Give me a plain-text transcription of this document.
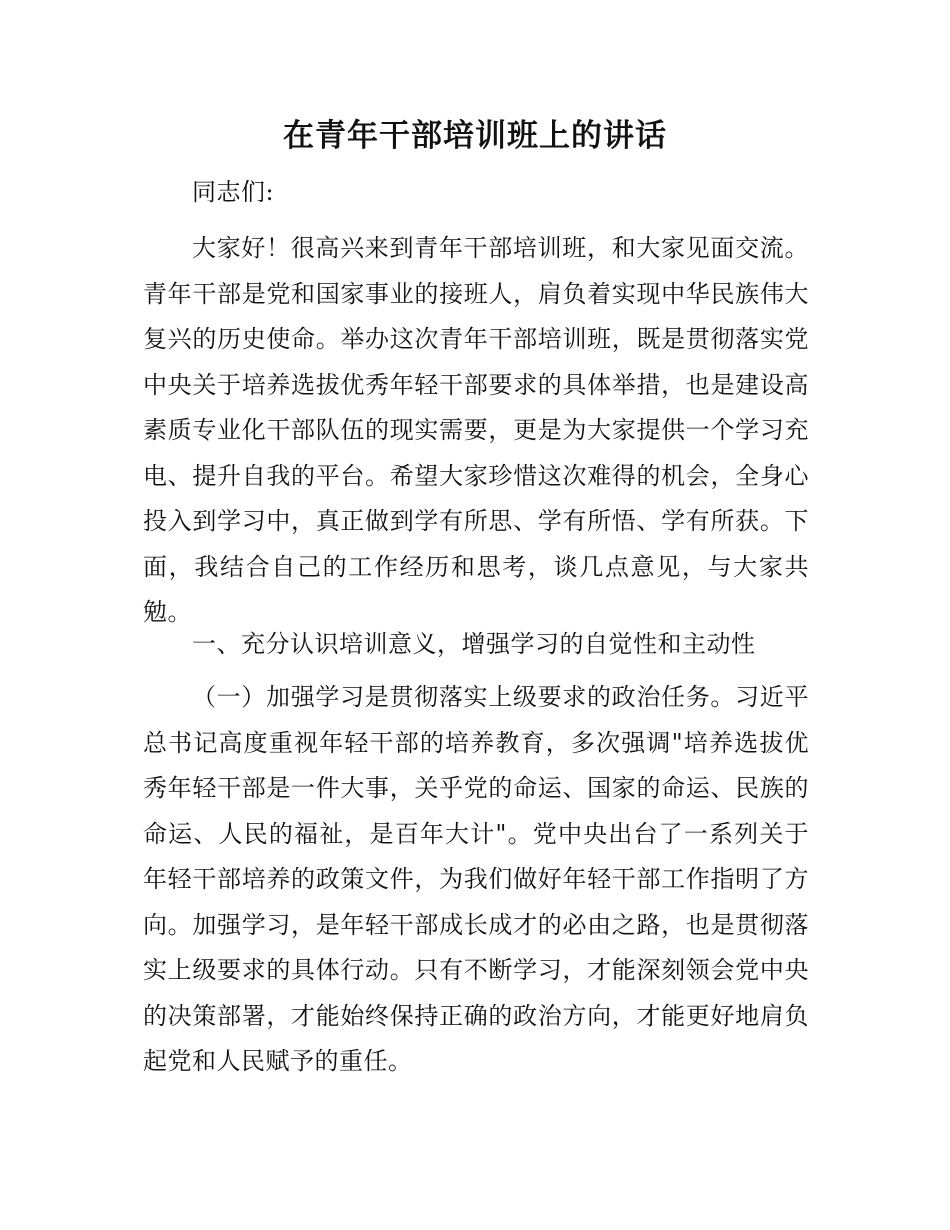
在青年干部培训班上的讲话

同志们:

大家好！很高兴来到青年干部培训班，和大家见面交流。青年干部是党和国家事业的接班人，肩负着实现中华民族伟大复兴的历史使命。举办这次青年干部培训班，既是贯彻落实党中央关于培养选拔优秀年轻干部要求的具体举措，也是建设高素质专业化干部队伍的现实需要，更是为大家提供一个学习充电、提升自我的平台。希望大家珍惜这次难得的机会，全身心投入到学习中，真正做到学有所思、学有所悟、学有所获。下面，我结合自己的工作经历和思考，谈几点意见，与大家共勉。

一、充分认识培训意义，增强学习的自觉性和主动性

（一）加强学习是贯彻落实上级要求的政治任务。习近平总书记高度重视年轻干部的培养教育，多次强调"培养选拔优秀年轻干部是一件大事，关乎党的命运、国家的命运、民族的命运、人民的福祉，是百年大计"。党中央出台了一系列关于年轻干部培养的政策文件，为我们做好年轻干部工作指明了方向。加强学习，是年轻干部成长成才的必由之路，也是贯彻落实上级要求的具体行动。只有不断学习，才能深刻领会党中央的决策部署，才能始终保持正确的政治方向，才能更好地肩负起党和人民赋予的重任。
